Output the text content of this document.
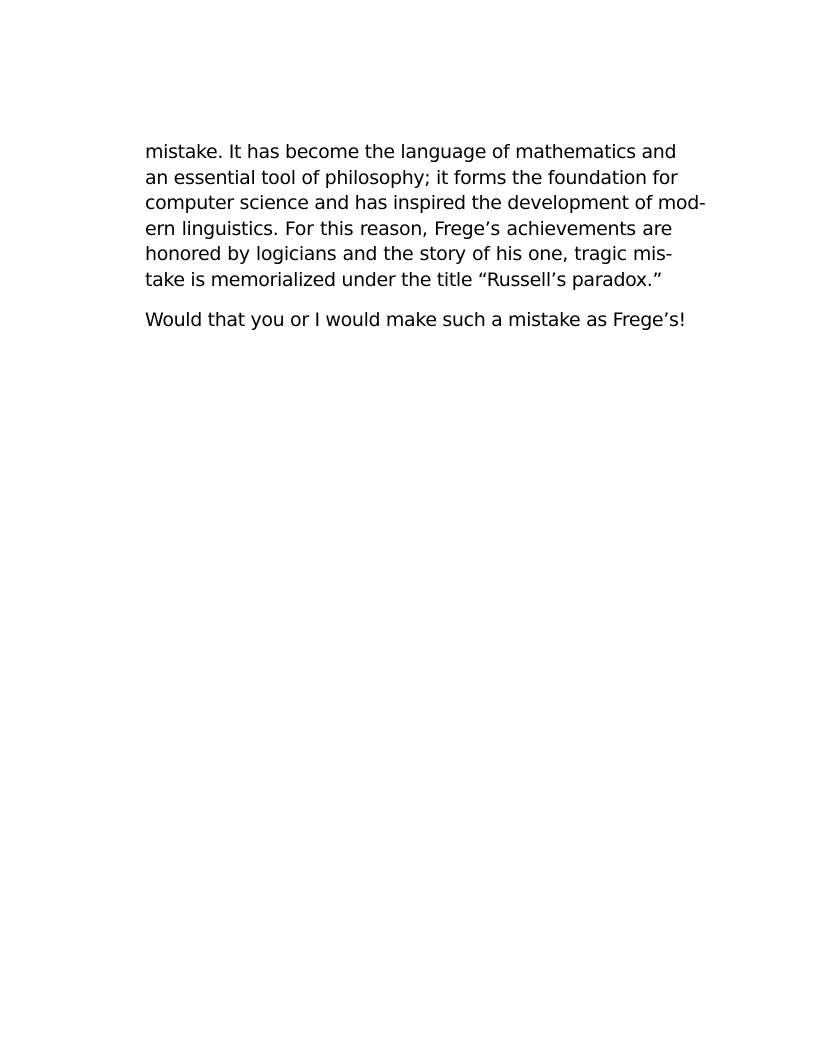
mistake. It has become the language of mathematics and
an essential tool of philosophy; it forms the foundation for
computer science and has inspired the development of mod-
ern linguistics. For this reason, Frege’s achievements are
honored by logicians and the story of his one, tragic mis-
take is memorialized under the title “Russell’s paradox.”
Would that you or I would make such a mistake as Frege’s!
